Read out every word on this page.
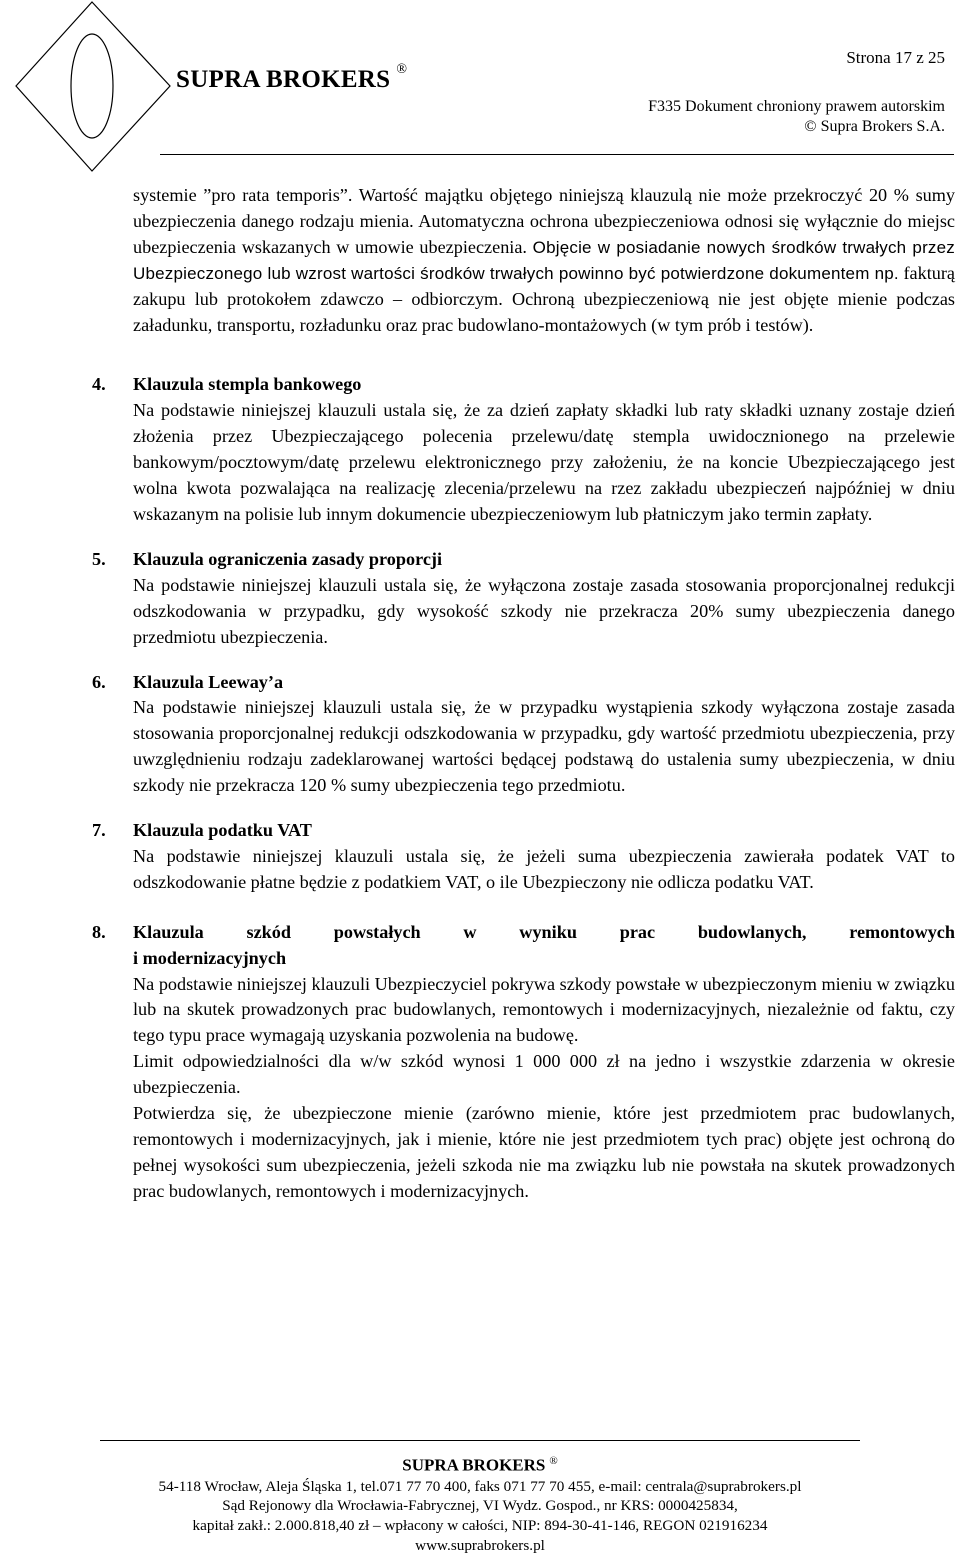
SUPRA BROKERS ®
Strona 17 z 25
F335 Dokument chroniony prawem autorskim
© Supra Brokers S.A.

systemie ”pro rata temporis”. Wartość majątku objętego niniejszą klauzulą nie może przekroczyć 20 % sumy ubezpieczenia danego rodzaju mienia. Automatyczna ochrona ubezpieczeniowa odnosi się wyłącznie do miejsc ubezpieczenia wskazanych w umowie ubezpieczenia. Objęcie w posiadanie nowych środków trwałych przez Ubezpieczonego lub wzrost wartości środków trwałych powinno być potwierdzone dokumentem np. fakturą zakupu lub protokołem zdawczo – odbiorczym. Ochroną ubezpieczeniową nie jest objęte mienie podczas załadunku, transportu, rozładunku oraz prac budowlano-montażowych (w tym prób i testów).

4. Klauzula stempla bankowego

Na podstawie niniejszej klauzuli ustala się, że za dzień zapłaty składki lub raty składki uznany zostaje dzień złożenia przez Ubezpieczającego polecenia przelewu/datę stempla uwidocznionego na przelewie bankowym/pocztowym/datę przelewu elektronicznego przy założeniu, że na koncie Ubezpieczającego jest wolna kwota pozwalająca na realizację zlecenia/przelewu na rzez zakładu ubezpieczeń najpóźniej w dniu wskazanym na polisie lub innym dokumencie ubezpieczeniowym lub płatniczym jako termin zapłaty.

5. Klauzula ograniczenia zasady proporcji

Na podstawie niniejszej klauzuli ustala się, że wyłączona zostaje zasada stosowania proporcjonalnej redukcji odszkodowania w przypadku, gdy wysokość szkody nie przekracza 20% sumy ubezpieczenia danego przedmiotu ubezpieczenia.

6. Klauzula Leeway’a

Na podstawie niniejszej klauzuli ustala się, że w przypadku wystąpienia szkody wyłączona zostaje zasada stosowania proporcjonalnej redukcji odszkodowania w przypadku, gdy wartość przedmiotu ubezpieczenia, przy uwzględnieniu rodzaju zadeklarowanej wartości będącej podstawą do ustalenia sumy ubezpieczenia, w dniu szkody nie przekracza 120 % sumy ubezpieczenia tego przedmiotu.

7. Klauzula podatku VAT

Na podstawie niniejszej klauzuli ustala się, że jeżeli suma ubezpieczenia zawierała podatek VAT to odszkodowanie płatne będzie z podatkiem VAT, o ile Ubezpieczony nie odlicza podatku VAT.

8. Klauzula szkód powstałych w wyniku prac budowlanych, remontowych
i modernizacyjnych

Na podstawie niniejszej klauzuli Ubezpieczyciel pokrywa szkody powstałe w ubezpieczonym mieniu w związku lub na skutek prowadzonych prac budowlanych, remontowych i modernizacyjnych, niezależnie od faktu, czy tego typu prace wymagają uzyskania pozwolenia na budowę.

Limit odpowiedzialności dla w/w szkód wynosi 1 000 000 zł na jedno i wszystkie zdarzenia w okresie ubezpieczenia.

Potwierdza się, że ubezpieczone mienie (zarówno mienie, które jest przedmiotem prac budowlanych, remontowych i modernizacyjnych, jak i mienie, które nie jest przedmiotem tych prac) objęte jest ochroną do pełnej wysokości sum ubezpieczenia, jeżeli szkoda nie ma związku lub nie powstała na skutek prowadzonych prac budowlanych, remontowych i modernizacyjnych.

SUPRA BROKERS ®
54-118 Wrocław, Aleja Śląska 1, tel.071 77 70 400, faks 071 77 70 455, e-mail: centrala@suprabrokers.pl
Sąd Rejonowy dla Wrocławia-Fabrycznej, VI Wydz. Gospod., nr KRS: 0000425834,
kapitał zakł.: 2.000.818,40 zł – wpłacony w całości, NIP: 894-30-41-146, REGON 021916234
www.suprabrokers.pl
